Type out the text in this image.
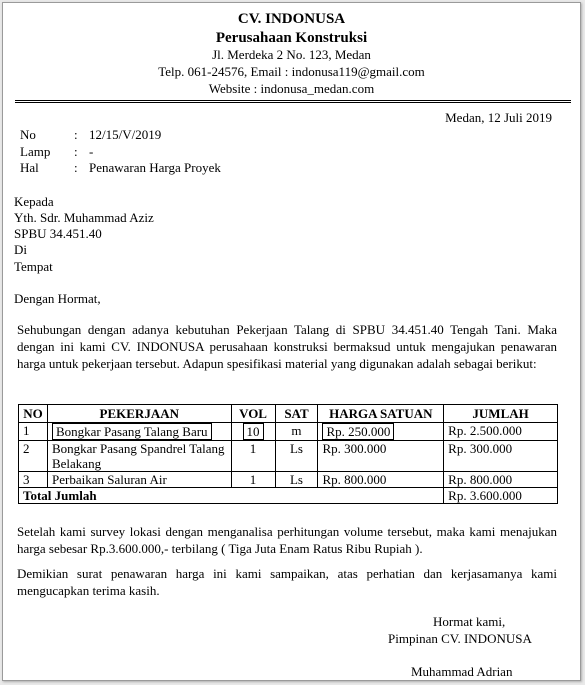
CV. INDONUSA
Perusahaan Konstruksi
Jl. Merdeka 2 No. 123, Medan
Telp. 061-24576, Email : indonusa119@gmail.com
Website : indonusa_medan.com
Medan, 12 Juli 2019
No	: 12/15/V/2019
Lamp : -
Hal	: Penawaran Harga Proyek
Kepada
Yth. Sdr. Muhammad Aziz
SPBU 34.451.40
Di
Tempat
Dengan Hormat,
Sehubungan dengan adanya kebutuhan Pekerjaan Talang di SPBU 34.451.40 Tengah Tani. Maka dengan ini kami CV. INDONUSA perusahaan konstruksi bermaksud untuk mengajukan penawaran harga untuk pekerjaan tersebut. Adapun spesifikasi material yang digunakan adalah sebagai berikut:
NO	PEKERJAAN	VOL	SAT	HARGA SATUAN	JUMLAH
1	Bongkar Pasang Talang Baru	10	m	Rp. 250.000	Rp. 2.500.000
2	Bongkar Pasang Spandrel Talang Belakang	1	Ls	Rp. 300.000	Rp. 300.000
3	Perbaikan Saluran Air	1	Ls	Rp. 800.000	Rp. 800.000
Total Jumlah					Rp. 3.600.000
Setelah kami survey lokasi dengan menganalisa perhitungan volume tersebut, maka kami menajukan harga sebesar Rp.3.600.000,- terbilang ( Tiga Juta Enam Ratus Ribu Rupiah ).
Demikian surat penawaran harga ini kami sampaikan, atas perhatian dan kerjasamanya kami mengucapkan terima kasih.
Hormat kami,
Pimpinan CV. INDONUSA
Muhammad Adrian
